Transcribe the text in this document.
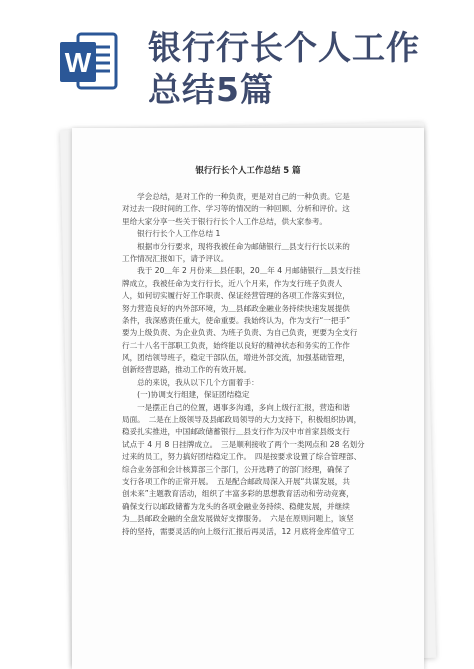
W 银行行长个人工作
总结5篇
银行行长个人工作总结 5 篇
　　学会总结，是对工作的一种负责，更是对自己的一种负责。它是
对过去一段时间的工作、学习等的情况的一种回顾、分析和评价。这
里给大家分享一些关于银行行长个人工作总结，供大家参考。
　　银行行长个人工作总结 1
　　根据市分行要求，现将我被任命为邮储银行＿县支行行长以来的
工作情况汇报如下，请予评议。
　　我于 20＿年 2 月份来＿县任职，20＿年 4 月邮储银行＿县支行挂
牌成立，我被任命为支行行长，近八个月来，作为支行班子负责人
人，如何切实履行好工作职责、保证经营管理的各项工作落实到位，
努力营造良好的内外部环境，为＿县邮政金融业务持续快速发展提供
条件，我深感责任重大，使命重要。我始终认为，作为支行“一把手”
要为上级负责、为企业负责、为班子负责、为自己负责，更要为全支行
行二十八名干部职工负责，始终能以良好的精神状态和务实的工作作
风，团结领导班子，稳定干部队伍，增进外部交流，加强基础管理，
创新经营思路，推动工作的有效开展。
　　总的来说，我从以下几个方面着手：
　　(一)协调支行组建，保证团结稳定
　　一是摆正自己的位置，遇事多沟通，多向上级行汇报，营造和谐
局面。　二是在上级领导及县邮政局领导的大力支持下，积极组织协调，
稳妥扎实推进，中国邮政储蓄银行＿县支行作为汉中市首家县级支行
试点于 4 月 8 日挂牌成立。　三是顺利接收了两个一类网点和 28 名划分
过来的员工，努力搞好团结稳定工作。　四是按要求设置了综合管理部、
综合业务部和会计核算部三个部门，公开选聘了的部门经理，确保了
支行各项工作的正常开展。　五是配合邮政局深入开展“共谋发展，共
创未来”主题教育活动，组织了丰富多彩的思想教育活动和劳动竞赛，
确保支行以邮政储蓄为龙头的各项金融业务持续、稳健发展，并继续
为＿县邮政金融的全盘发展做好支撑服务。　六是在原则问题上，该坚
持的坚持，需要灵活的向上级行汇报后再灵活，12 月底将金库值守工
